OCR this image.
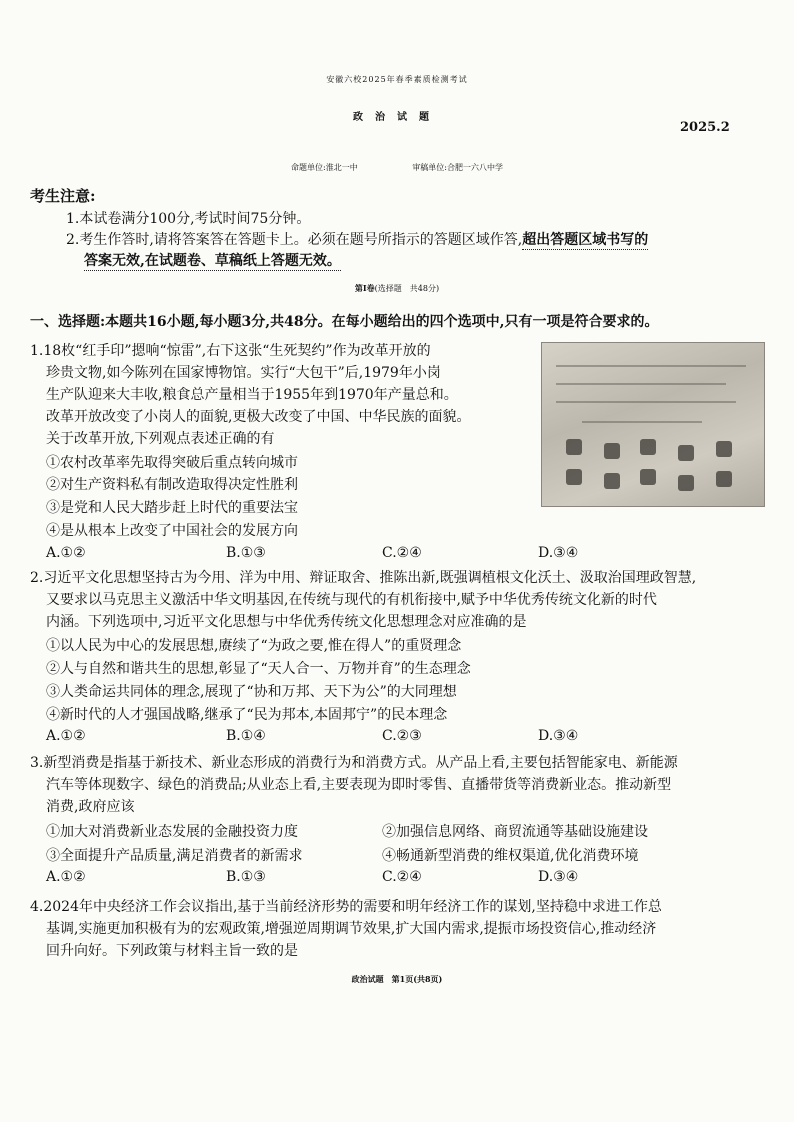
安徽六校2025年春季素质检测考试
政治试题
2025.2
命题单位:淮北一中	审稿单位:合肥一六八中学
考生注意:
1.本试卷满分100分,考试时间75分钟。
2.考生作答时,请将答案答在答题卡上。必须在题号所指示的答题区域作答,超出答题区域书写的
答案无效,在试题卷、草稿纸上答题无效。
第Ⅰ卷(选择题　共48分)
一、选择题:本题共16小题,每小题3分,共48分。在每小题给出的四个选项中,只有一项是符合要求的。
1.18枚“红手印”摁响“惊雷”,右下这张“生死契约”作为改革开放的
珍贵文物,如今陈列在国家博物馆。实行“大包干”后,1979年小岗
生产队迎来大丰收,粮食总产量相当于1955年到1970年产量总和。
改革开放改变了小岗人的面貌,更极大改变了中国、中华民族的面貌。
关于改革开放,下列观点表述正确的有
①农村改革率先取得突破后重点转向城市
②对生产资料私有制改造取得决定性胜利
③是党和人民大踏步赶上时代的重要法宝
④是从根本上改变了中国社会的发展方向
A.①②	B.①③	C.②④	D.③④
2.习近平文化思想坚持古为今用、洋为中用、辩证取舍、推陈出新,既强调植根文化沃土、汲取治国理政智慧,
又要求以马克思主义激活中华文明基因,在传统与现代的有机衔接中,赋予中华优秀传统文化新的时代
内涵。下列选项中,习近平文化思想与中华优秀传统文化思想理念对应准确的是
①以人民为中心的发展思想,赓续了“为政之要,惟在得人”的重贤理念
②人与自然和谐共生的思想,彰显了“天人合一、万物并育”的生态理念
③人类命运共同体的理念,展现了“协和万邦、天下为公”的大同理想
④新时代的人才强国战略,继承了“民为邦本,本固邦宁”的民本理念
A.①②	B.①④	C.②③	D.③④
3.新型消费是指基于新技术、新业态形成的消费行为和消费方式。从产品上看,主要包括智能家电、新能源
汽车等体现数字、绿色的消费品;从业态上看,主要表现为即时零售、直播带货等消费新业态。推动新型
消费,政府应该
①加大对消费新业态发展的金融投资力度	②加强信息网络、商贸流通等基础设施建设
③全面提升产品质量,满足消费者的新需求	④畅通新型消费的维权渠道,优化消费环境
A.①②	B.①③	C.②④	D.③④
4.2024年中央经济工作会议指出,基于当前经济形势的需要和明年经济工作的谋划,坚持稳中求进工作总
基调,实施更加积极有为的宏观政策,增强逆周期调节效果,扩大国内需求,提振市场投资信心,推动经济
回升向好。下列政策与材料主旨一致的是
政治试题　第1页(共8页)
